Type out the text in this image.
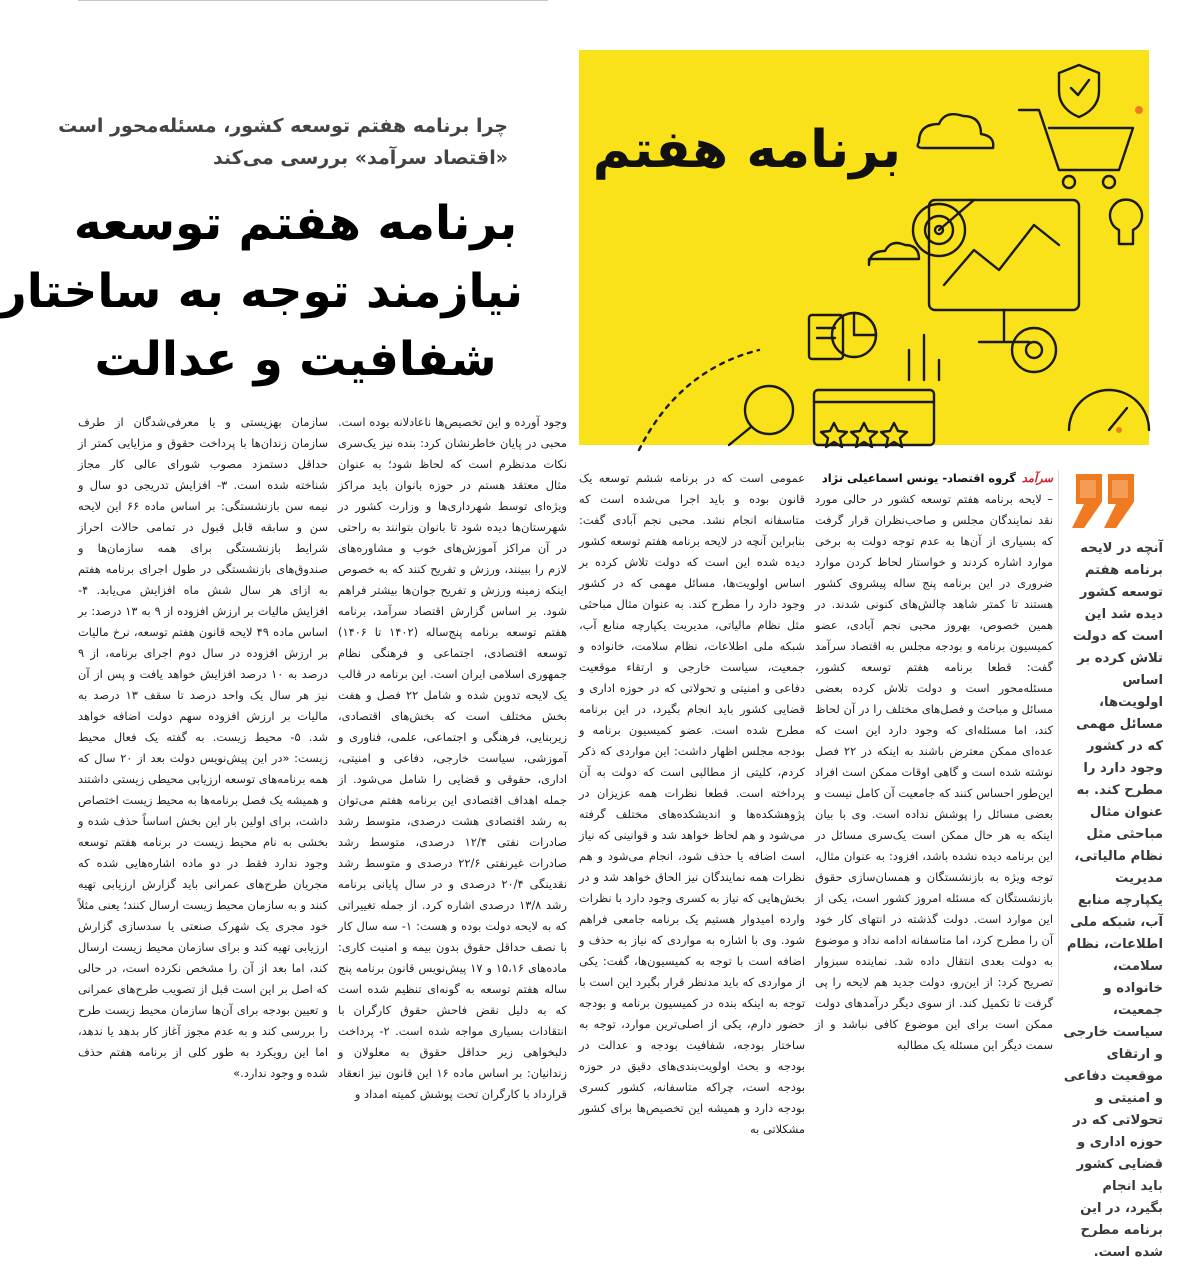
چرا برنامه هفتم توسعه کشور، مسئله‌محور است
«اقتصاد سرآمد» بررسی می‌کند
برنامه هفتم توسعه
نیازمند توجه به ساختار
شفافیت و عدالت
برنامه هفتم
آنچه در لایحه برنامه هفتم توسعه کشور دیده شد این است که دولت تلاش کرده بر اساس اولویت‌ها، مسائل مهمی که در کشور وجود دارد را مطرح کند. به عنوان مثال مباحثی مثل نظام مالیاتی، مدیریت یکپارچه منابع آب، شبکه ملی اطلاعات، نظام سلامت، خانواده و جمعیت، سیاست خارجی و ارتقای موقعیت دفاعی و امنیتی و تحولاتی که در حوزه اداری و قضایی کشور باید انجام بگیرد، در این برنامه مطرح شده است.

سرآمدگروه اقتصاد- یونس اسماعیلی نژاد

– لایحه برنامه هفتم توسعه کشور در حالی مورد نقد نمایندگان مجلس و صاحب‌نظران قرار گرفت که بسیاری از آن‌ها به عدم توجه دولت به برخی موارد اشاره کردند و خواستار لحاظ کردن موارد ضروری در این برنامه پنج ساله پیشروی کشور هستند تا کمتر شاهد چالش‌های کنونی شدند. در همین خصوص، بهروز محبی نجم آبادی، عضو کمیسیون برنامه و بودجه مجلس به اقتصاد سرآمد گفت: قطعا برنامه هفتم توسعه کشور، مسئله‌محور است و دولت تلاش کرده بعضی مسائل و مباحث و فصل‌های مختلف را در آن لحاظ کند، اما مسئله‌ای که وجود دارد این است که عده‌ای ممکن معترض باشند به اینکه در ۲۲ فصل نوشته شده است و گاهی اوقات ممکن است افراد این‌طور احساس کنند که جامعیت آن کامل نیست و بعضی مسائل را پوشش نداده است. وی با بیان اینکه به هر حال ممکن است یک‌سری مسائل در این برنامه دیده نشده باشد، افزود: به عنوان مثال، توجه ویژه به بازنشستگان و همسان‌سازی حقوق بازنشستگان که مسئله امروز کشور است، یکی از این موارد است. دولت گذشته در انتهای کار خود آن را مطرح کرد، اما متاسفانه ادامه نداد و موضوع به دولت بعدی انتقال داده شد. نماینده سبزوار تصریح کرد: از این‌رو، دولت جدید هم لایحه را پی گرفت تا تکمیل کند. از سوی دیگر درآمدهای دولت ممکن است برای این موضوع کافی نباشد و از سمت دیگر این مسئله یک مطالبه

عمومی است که در برنامه ششم توسعه یک قانون بوده و باید اجرا می‌شده است که متاسفانه انجام نشد. محبی نجم آبادی گفت: بنابراین آنچه در لایحه برنامه هفتم توسعه کشور دیده شده این است که دولت تلاش کرده بر اساس اولویت‌ها، مسائل مهمی که در کشور وجود دارد را مطرح کند. به عنوان مثال مباحثی مثل نظام مالیاتی، مدیریت یکپارچه منابع آب، شبکه ملی اطلاعات، نظام سلامت، خانواده و جمعیت، سیاست خارجی و ارتقاء موقعیت دفاعی و امنیتی و تحولاتی که در حوزه اداری و قضایی کشور باید انجام بگیرد، در این برنامه مطرح شده است. عضو کمیسیون برنامه و بودجه مجلس اظهار داشت: این مواردی که ذکر کردم، کلیتی از مطالبی است که دولت به آن پرداخته است. قطعا نظرات همه عزیزان در پژوهشکده‌ها و اندیشکده‌های مختلف گرفته می‌شود و هم لحاظ خواهد شد و قوانینی که نیاز است اضافه یا حذف شود، انجام می‌شود و هم نظرات همه نمایندگان نیز الحاق خواهد شد و در بخش‌هایی که نیاز به کسری وجود دارد با نظرات وارده امیدوار هستیم یک برنامه جامعی فراهم شود. وی با اشاره به مواردی که نیاز به حذف و اضافه است با توجه به کمیسیون‌ها، گفت: یکی از مواردی که باید مدنظر قرار بگیرد این است با توجه به اینکه بنده در کمیسیون برنامه و بودجه حضور دارم، یکی از اصلی‌ترین موارد، توجه به ساختار بودجه، شفافیت بودجه و عدالت در بودجه و بحث اولویت‌بندی‌های دقیق در حوزه بودجه است، چراکه متاسفانه، کشور کسری بودجه دارد و همیشه این تخصیص‌ها برای کشور مشکلاتی به

وجود آورده و این تخصیص‌ها ناعادلانه بوده است. محبی در پایان خاطرنشان کرد: بنده نیز یک‌سری نکات مدنظرم است که لحاظ شود؛ به عنوان مثال معتقد هستم در حوزه بانوان باید مراکز ویژه‌ای توسط شهرداری‌ها و وزارت کشور در شهرستان‌ها دیده شود تا بانوان بتوانند به راحتی در آن مراکز آموزش‌های خوب و مشاوره‌های لازم را ببینند، ورزش و تفریح کنند که به خصوص اینکه زمینه ورزش و تفریح جوان‌ها بیشتر فراهم شود. بر اساس گزارش اقتصاد سرآمد، برنامه هفتم توسعه برنامه پنج‌ساله (۱۴۰۲ تا ۱۴۰۶) توسعه اقتصادی، اجتماعی و فرهنگی نظام جمهوری اسلامی ایران است. این برنامه در قالب یک لایحه تدوین شده و شامل ۲۲ فصل و هفت بخش مختلف است که بخش‌های اقتصادی، زیربنایی، فرهنگی و اجتماعی، علمی، فناوری و آموزشی، سیاست خارجی، دفاعی و امنیتی، اداری، حقوقی و قضایی را شامل می‌شود. از جمله اهداف اقتصادی این برنامه هفتم می‌توان به رشد اقتصادی هشت درصدی، متوسط رشد صادرات نفتی ۱۲/۴ درصدی، متوسط رشد صادرات غیرنفتی ۲۲/۶ درصدی و متوسط رشد نقدینگی ۲۰/۴ درصدی و در سال پایانی برنامه رشد ۱۳/۸ درصدی اشاره کرد. از جمله تغییراتی که به لایحه دولت بوده و هست: ۱- سه سال کار با نصف حداقل حقوق بدون بیمه و امنیت کاری: ماده‌های ۱۵،۱۶ و ۱۷ پیش‌نویس قانون برنامه پنج ساله هفتم توسعه به گونه‌ای تنظیم شده است که به دلیل نقض فاحش حقوق کارگران با انتقادات بسیاری مواجه شده است. ۲- پرداخت دلبخواهی زیر حداقل حقوق به معلولان و زندانیان: بر اساس ماده ۱۶ این قانون نیز انعقاد قرارداد با کارگران تحت پوشش کمیته امداد و

سازمان بهزیستی و یا معرفی‌شدگان از طرف سازمان زندان‌ها با پرداخت حقوق و مزایایی کمتر از حداقل دستمزد مصوب شورای عالی کار مجاز شناخته شده است. ۳- افزایش تدریجی دو سال و نیمه سن بازنشستگی: بر اساس ماده ۶۶ این لایحه سن و سابقه قابل قبول در تمامی حالات احراز شرایط بازنشستگی برای همه سازمان‌ها و صندوق‌های بازنشستگی در طول اجرای برنامه هفتم به ازای هر سال شش ماه افزایش می‌یابد. ۴- افزایش مالیات بر ارزش افزوده از ۹ به ۱۳ درصد: بر اساس ماده ۴۹ لایحه قانون هفتم توسعه، نرخ مالیات بر ارزش افزوده در سال دوم اجرای برنامه، از ۹ درصد به ۱۰ درصد افزایش خواهد یافت و پس از آن نیز هر سال یک واحد درصد تا سقف ۱۳ درصد به مالیات بر ارزش افزوده سهم دولت اضافه خواهد شد. ۵- محیط زیست. به گفته یک فعال محیط زیست: «در این پیش‌نویس دولت بعد از ۲۰ سال که همه برنامه‌های توسعه ارزیابی محیطی زیستی داشتند و همیشه یک فصل برنامه‌ها به محیط زیست اختصاص داشت، برای اولین بار این بخش اساساً حذف شده و بخشی به نام محیط زیست در برنامه هفتم توسعه وجود ندارد فقط در دو ماده اشاره‌هایی شده که مجریان طرح‌های عمرانی باید گزارش ارزیابی تهیه کنند و به سازمان محیط زیست ارسال کنند؛ یعنی مثلاً خود مجری یک شهرک صنعتی یا سدسازی گزارش ارزیابی تهیه کند و برای سازمان محیط زیست ارسال کند، اما بعد از آن را مشخص نکرده است، در حالی که اصل بر این است قبل از تصویب طرح‌های عمرانی و تعیین بودجه برای آن‌ها سازمان محیط زیست طرح را بررسی کند و به عدم مجوز آغاز کار بدهد یا ندهد، اما این رویکرد به طور کلی از برنامه هفتم حذف شده و وجود ندارد.»
